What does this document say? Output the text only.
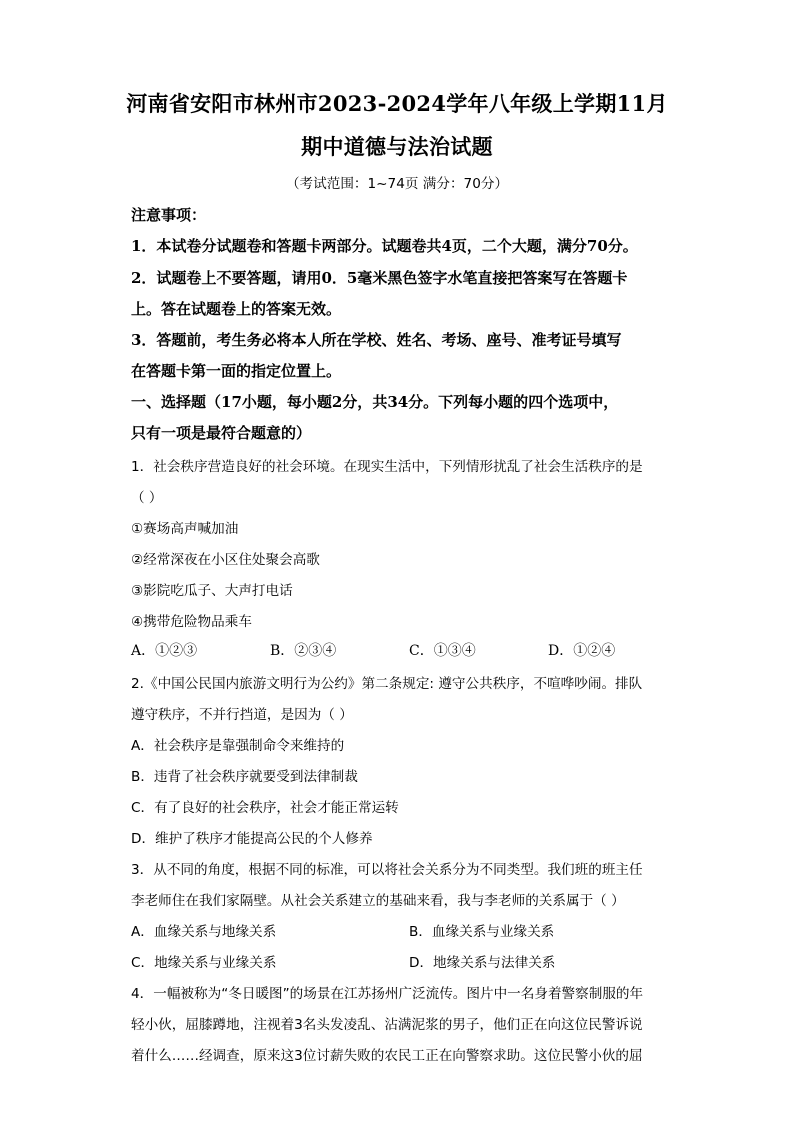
河南省安阳市林州市2023-2024学年八年级上学期11月
期中道德与法治试题
（考试范围：1~74页 满分：70分）
注意事项：
1．本试卷分试题卷和答题卡两部分。试题卷共4页，二个大题，满分70分。
2．试题卷上不要答题，请用0．5毫米黑色签字水笔直接把答案写在答题卡
上。答在试题卷上的答案无效。
3．答题前，考生务必将本人所在学校、姓名、考场、座号、准考证号填写
在答题卡第一面的指定位置上。
一、选择题（17小题，每小题2分，共34分。下列每小题的四个选项中，
只有一项是最符合题意的）
1．社会秩序营造良好的社会环境。在现实生活中，下列情形扰乱了社会生活秩序的是
（ ）
①赛场高声喊加油
②经常深夜在小区住处聚会高歌
③影院吃瓜子、大声打电话
④携带危险物品乘车
A．①②③	B．②③④	C．①③④	D．①②④
2.《中国公民国内旅游文明行为公约》第二条规定: 遵守公共秩序，不喧哗吵闹。排队
遵守秩序，不并行挡道，是因为（ ）
A．社会秩序是靠强制命令来维持的
B．违背了社会秩序就要受到法律制裁
C．有了良好的社会秩序，社会才能正常运转
D．维护了秩序才能提高公民的个人修养
3．从不同的角度，根据不同的标准，可以将社会关系分为不同类型。我们班的班主任
李老师住在我们家隔壁。从社会关系建立的基础来看，我与李老师的关系属于（ ）
A．血缘关系与地缘关系	B．血缘关系与业缘关系
C．地缘关系与业缘关系	D．地缘关系与法律关系
4．一幅被称为“冬日暖图”的场景在江苏扬州广泛流传。图片中一名身着警察制服的年
轻小伙，屈膝蹲地，注视着3名头发凌乱、沾满泥浆的男子，他们正在向这位民警诉说
着什么……经调查，原来这3位讨薪失败的农民工正在向警察求助。这位民警小伙的屈
